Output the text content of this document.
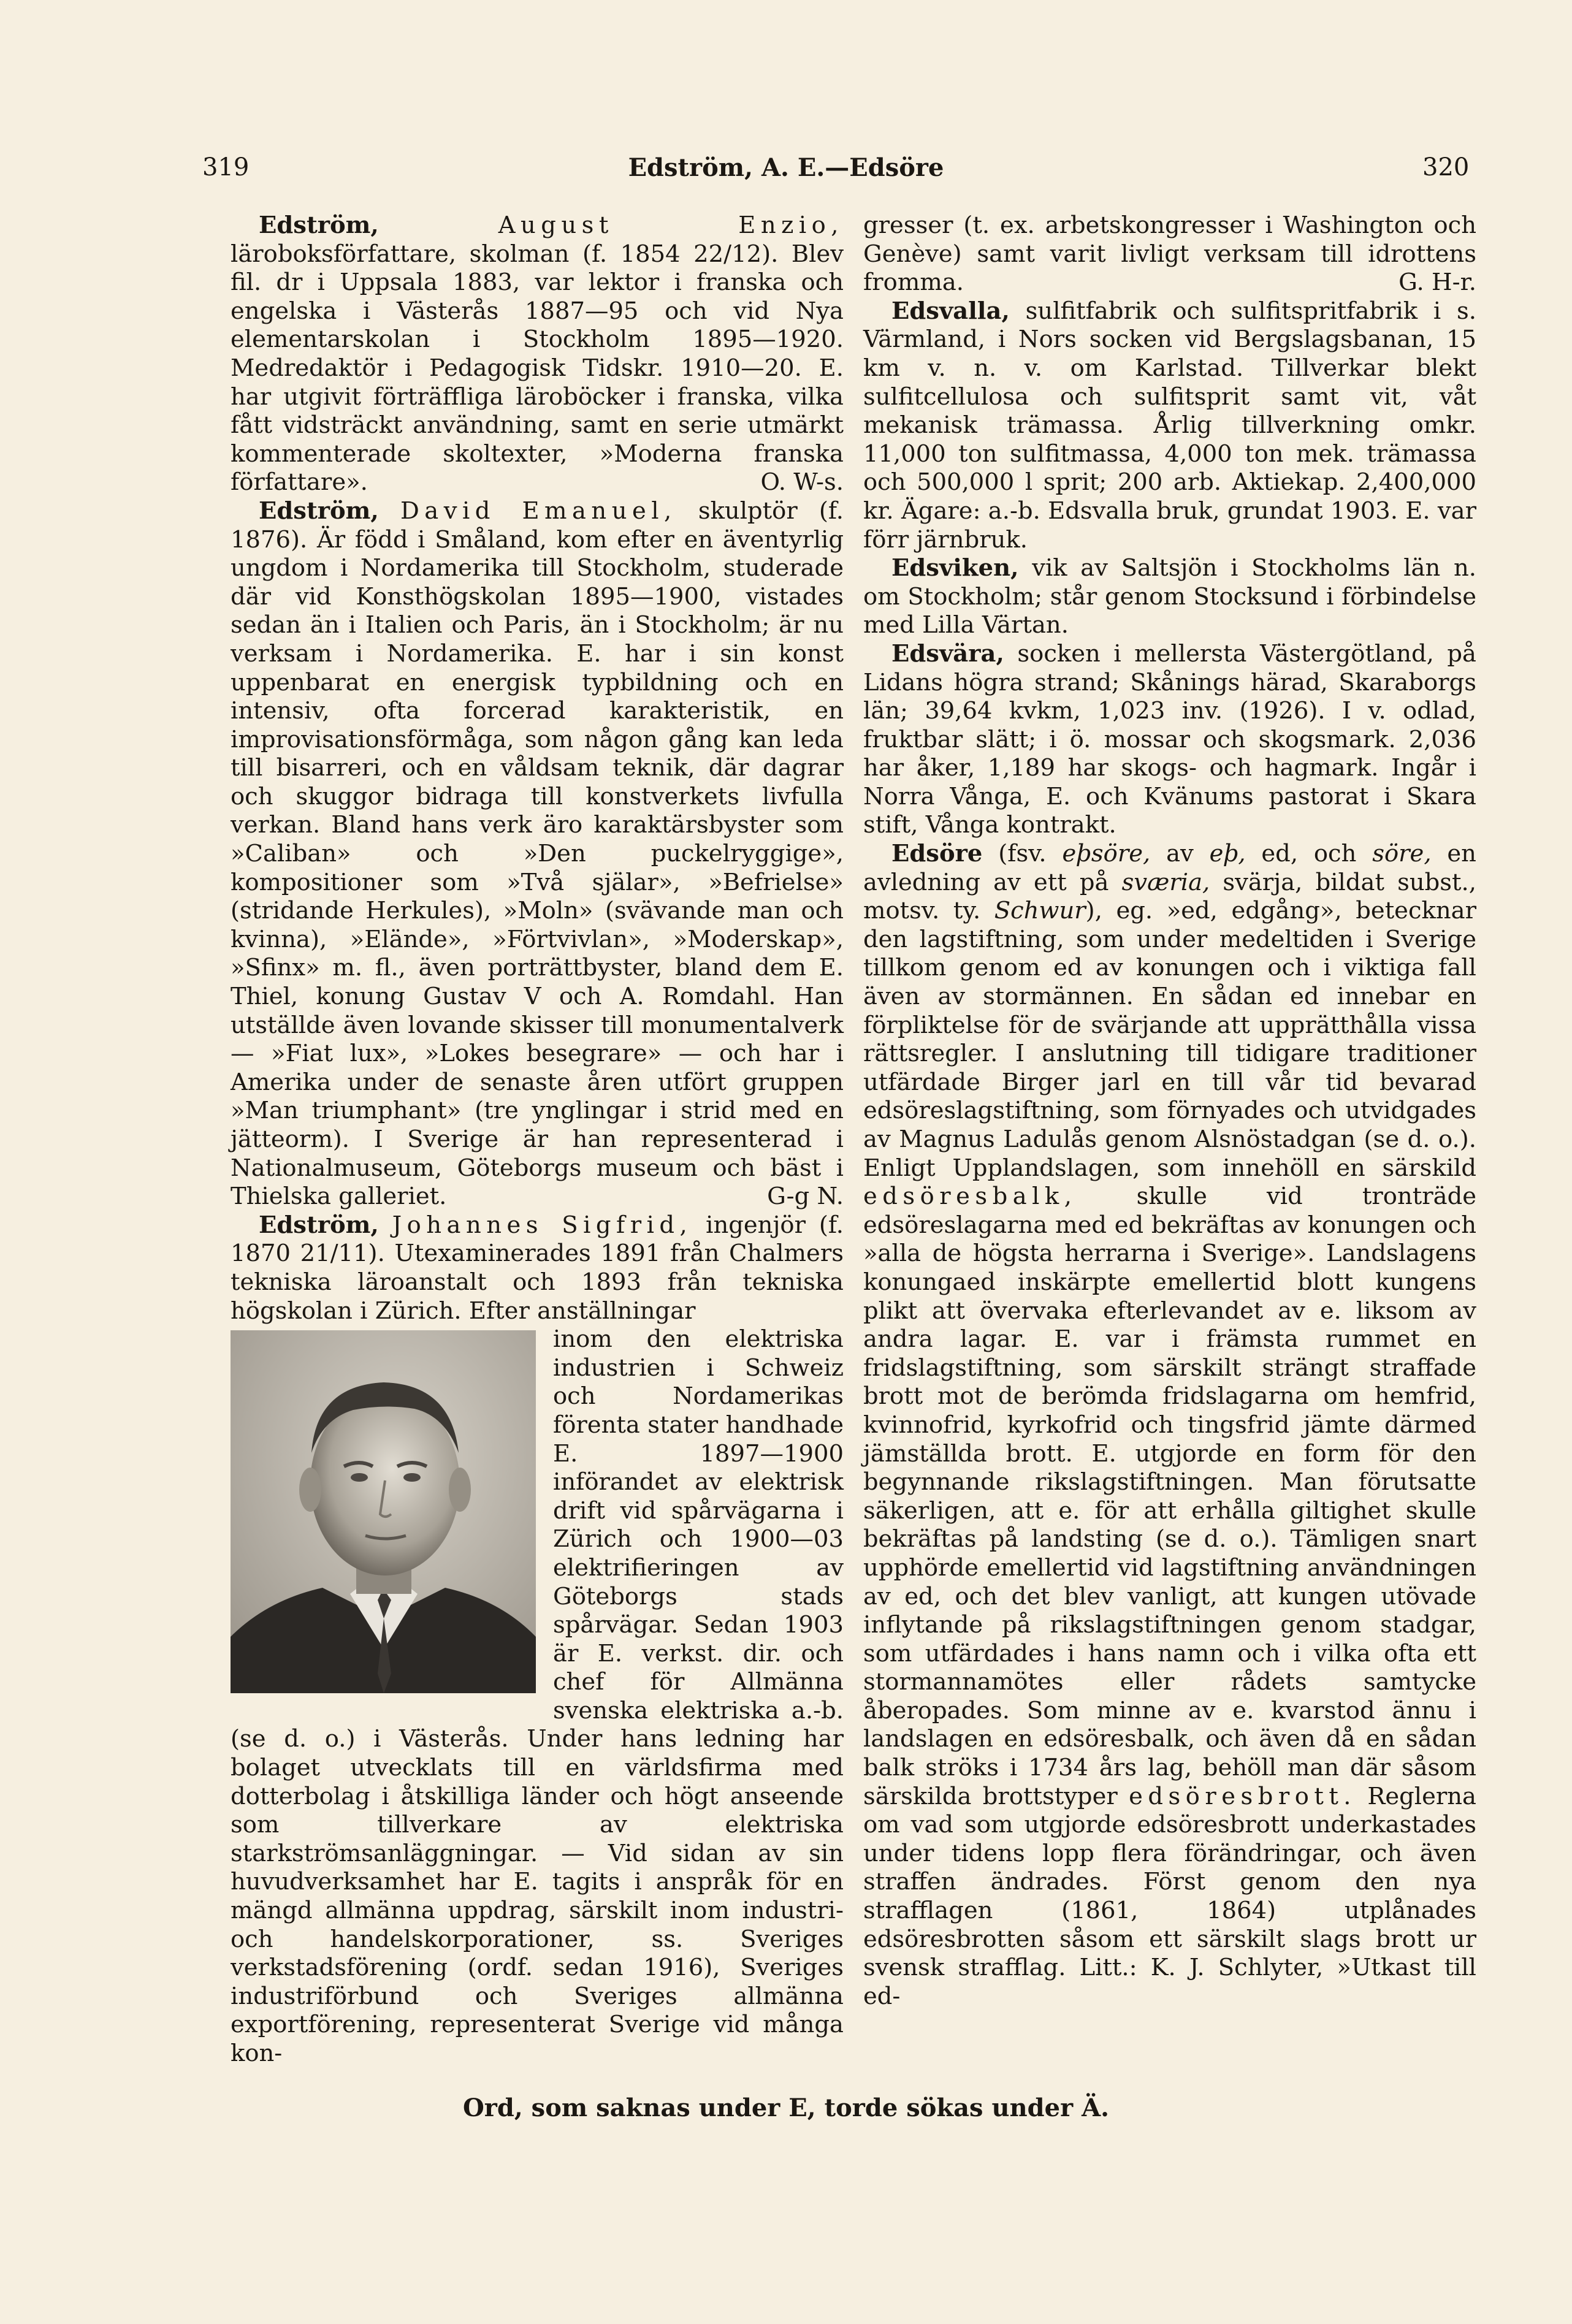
319	Edström, A. E.—Edsöre	320

Edström,	August Enzio, läroboksförfattare, skolman (f. 1854 22/12). Blev fil. dr i Uppsala 1883, var lektor i franska och engelska i Västerås 1887—95 och vid Nya elementarskolan i Stockholm 1895—1920. Medredaktör i Pedagogisk Tidskr. 1910—20. E. har utgivit förträffliga läroböcker i franska, vilka fått vidsträckt användning, samt en serie utmärkt kommenterade skoltexter, »Moderna franska författare».	O. W-s.

Edström, David Emanuel, skulptör (f. 1876). Är född i Småland, kom efter en äventyrlig ungdom i Nordamerika till Stockholm, studerade där vid Konsthögskolan 1895—1900, vistades sedan än i Italien och Paris, än i Stockholm; är nu verksam i Nordamerika. E. har i sin konst uppenbarat en energisk typbildning och en intensiv, ofta forcerad karakteristik, en improvisationsförmåga, som någon gång kan leda till bisarreri, och en våldsam teknik, där dagrar och skuggor bidraga till konstverkets livfulla verkan. Bland hans verk äro karaktärsbyster som »Caliban» och »Den puckelryggige», kompositioner som »Två själar», »Befrielse» (stridande Herkules), »Moln» (svävande man och kvinna), »Elände», »Förtvivlan», »Moderskap», »Sfinx» m. fl., även porträttbyster, bland dem E. Thiel, konung Gustav V och A. Romdahl. Han utställde även lovande skisser till monumentalverk — »Fiat lux», »Lokes besegrare» — och har i Amerika under de senaste åren utfört gruppen »Man triumphant» (tre ynglingar i strid med en jätteorm). I Sverige är han representerad i Nationalmuseum, Göteborgs museum och bäst i Thielska galleriet.	G-g N.

Edström, Johannes Sigfrid, ingenjör (f. 1870 21/11). Utexaminerades 1891 från Chalmers tekniska läroanstalt och 1893 från tekniska högskolan i Zürich. Efter anställningar

inom den elektriska industrien i Schweiz och Nordamerikas förenta stater handhade E. 1897—1900 införandet av elektrisk drift vid spårvägarna i Zürich och 1900—03 elektrifieringen av Göteborgs stads spårvägar. Sedan 1903 är E. verkst. dir. och chef för Allmänna svenska elektriska a.-b. (se d. o.) i Västerås. Under hans ledning har bolaget utvecklats till en världsfirma med dotterbolag i åtskilliga länder och högt anseende som tillverkare av elektriska starkströmsanläggningar. — Vid sidan av sin huvudverksamhet har E. tagits i anspråk för en mängd allmänna uppdrag, särskilt inom industri- och handelskorporationer, ss. Sveriges verkstadsförening (ordf. sedan 1916), Sveriges industriförbund och Sveriges allmänna exportförening, representerat Sverige vid många kon-

gresser (t. ex. arbetskongresser i Washington och Genève) samt varit livligt verksam till idrottens fromma.	G. H-r.

Edsvalla, sulfitfabrik och sulfitspritfabrik i s. Värmland, i Nors socken vid Bergslagsbanan, 15 km v. n. v. om Karlstad. Tillverkar blekt sulfitcellulosa och sulfitsprit samt vit, våt mekanisk trämassa. Årlig tillverkning omkr. 11,000 ton sulfitmassa, 4,000 ton mek. trämassa och 500,000 l sprit; 200 arb. Aktiekap. 2,400,000 kr. Ägare: a.-b. Edsvalla bruk, grundat 1903. E. var förr järnbruk.

Edsviken, vik av Saltsjön i Stockholms län n. om Stockholm; står genom Stocksund i förbindelse med Lilla Värtan.

Edsvära, socken i mellersta Västergötland, på Lidans högra strand; Skånings härad, Skaraborgs län; 39,64 kvkm, 1,023 inv. (1926). I v. odlad, fruktbar slätt; i ö. mossar och skogsmark. 2,036 har åker, 1,189 har skogs- och hagmark. Ingår i Norra Vånga, E. och Kvänums pastorat i Skara stift, Vånga kontrakt.

Edsöre (fsv. eþsöre, av eþ, ed, och söre, en avledning av ett på sværia, svärja, bildat subst., motsv. ty. Schwur), eg. »ed, edgång», betecknar den lagstiftning, som under medeltiden i Sverige tillkom genom ed av konungen och i viktiga fall även av stormännen. En sådan ed innebar en förpliktelse för de svärjande att upprätthålla vissa rättsregler. I anslutning till tidigare traditioner utfärdade Birger jarl en till vår tid bevarad edsöreslagstiftning, som förnyades och utvidgades av Magnus Ladulås genom Alsnöstadgan (se d. o.). Enligt Upplandslagen, som innehöll en särskild edsöresbalk, skulle vid tronträde edsöreslagarna med ed bekräftas av konungen och »alla de högsta herrarna i Sverige». Landslagens konungaed inskärpte emellertid blott kungens plikt att övervaka efterlevandet av e. liksom av andra lagar. E. var i främsta rummet en fridslagstiftning, som särskilt strängt straffade brott mot de berömda fridslagarna om hemfrid, kvinnofrid, kyrkofrid och tingsfrid jämte därmed jämställda brott. E. utgjorde en form för den begynnande rikslagstiftningen. Man förutsatte säkerligen, att e. för att erhålla giltighet skulle bekräftas på landsting (se d. o.). Tämligen snart upphörde emellertid vid lagstiftning användningen av ed, och det blev vanligt, att kungen utövade inflytande på rikslagstiftningen genom stadgar, som utfärdades i hans namn och i vilka ofta ett stormannamötes eller rådets samtycke åberopades. Som minne av e. kvarstod ännu i landslagen en edsöresbalk, och även då en sådan balk ströks i 1734 års lag, behöll man där såsom särskilda brottstyper edsöresbrott. Reglerna om vad som utgjorde edsöresbrott underkastades under tidens lopp flera förändringar, och även straffen ändrades. Först genom den nya strafflagen (1861, 1864) utplånades edsöresbrotten såsom ett särskilt slags brott ur svensk strafflag. Litt.: K. J. Schlyter, »Utkast till ed-

Ord, som saknas under E, torde sökas under Ä.
